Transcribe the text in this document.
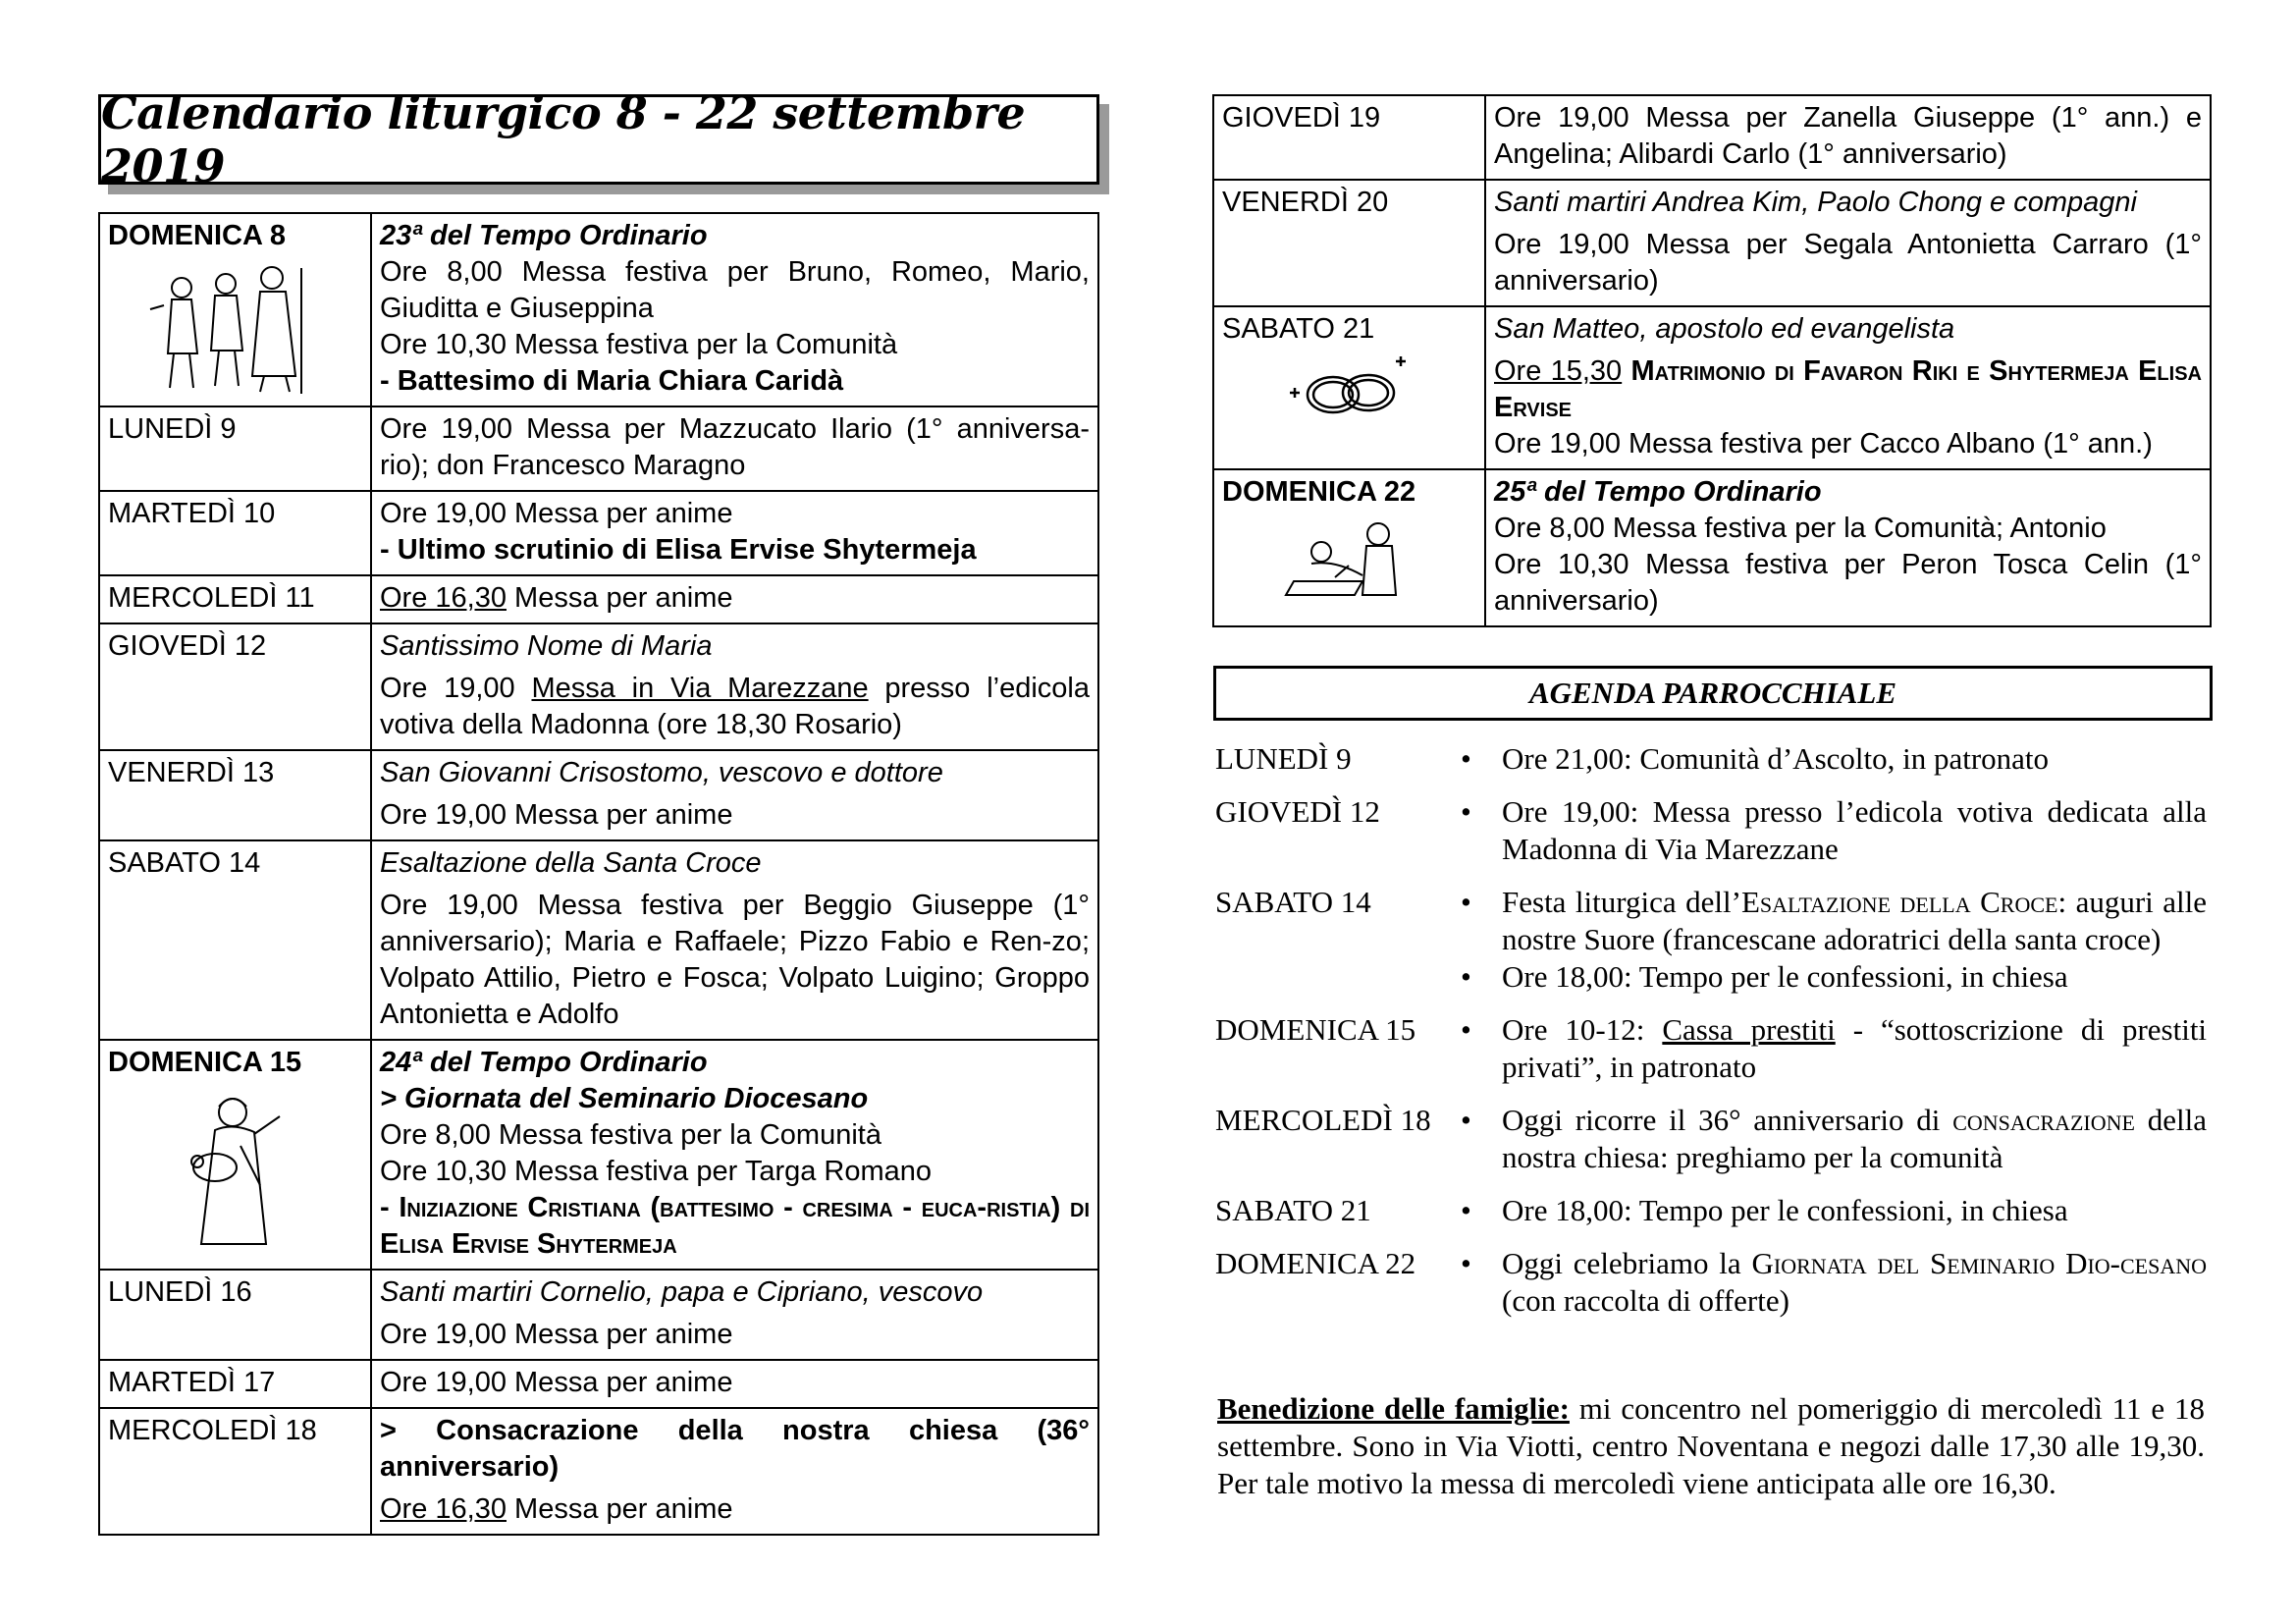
Calendario liturgico 8 - 22 settembre 2019
DOMENICA 8	23ª del Tempo Ordinario
Ore 8,00 Messa festiva per Bruno, Romeo, Mario, Giuditta e Giuseppina
Ore 10,30 Messa festiva per la Comunità
- Battesimo di Maria Chiara Caridà

LUNEDÌ 9	Ore 19,00 Messa per Mazzucato Ilario (1° anniversa-rio); don Francesco Maragno

MARTEDÌ 10	Ore 19,00 Messa per anime
- Ultimo scrutinio di Elisa Ervise Shytermeja

MERCOLEDÌ 11	Ore 16,30 Messa per anime
GIOVEDÌ 12	Santissimo Nome di Maria
Ore 19,00 Messa in Via Marezzane presso l’edicola votiva della Madonna (ore 18,30 Rosario)

VENERDÌ 13	San Giovanni Crisostomo, vescovo e dottore
Ore 19,00 Messa per anime

SABATO 14	Esaltazione della Santa Croce
Ore 19,00 Messa festiva per Beggio Giuseppe (1° anniversario); Maria e Raffaele; Pizzo Fabio e Ren-zo; Volpato Attilio, Pietro e Fosca; Volpato Luigino; Groppo Antonietta e Adolfo

DOMENICA 15	24ª del Tempo Ordinario
> Giornata del Seminario Diocesano
Ore 8,00 Messa festiva per la Comunità
Ore 10,30 Messa festiva per Targa Romano
- Iniziazione Cristiana (battesimo - cresima - euca-ristia) di Elisa Ervise Shytermeja

LUNEDÌ 16	Santi martiri Cornelio, papa e Cipriano, vescovo
Ore 19,00 Messa per anime

MARTEDÌ 17	Ore 19,00 Messa per anime

MERCOLEDÌ 18	> Consacrazione della nostra chiesa (36° anniversario)
Ore 16,30 Messa per anime
GIOVEDÌ 19	Ore 19,00 Messa per Zanella Giuseppe (1° ann.) e Angelina; Alibardi Carlo (1° anniversario)

VENERDÌ 20	Santi martiri Andrea Kim, Paolo Chong e compagni
Ore 19,00 Messa per Segala Antonietta Carraro (1° anniversario)

SABATO 21	San Matteo, apostolo ed evangelista
Ore 15,30 Matrimonio di Favaron Riki e Shytermeja Elisa Ervise
Ore 19,00 Messa festiva per Cacco Albano (1° ann.)

DOMENICA 22	25ª del Tempo Ordinario
Ore 8,00 Messa festiva per la Comunità; Antonio
Ore 10,30 Messa festiva per Peron Tosca Celin (1° anniversario)
AGENDA PARROCCHIALE
LUNEDÌ 9	• Ore 21,00: Comunità d’Ascolto, in patronato
GIOVEDÌ 12	• Ore 19,00: Messa presso l’edicola votiva dedicata alla Madonna di Via Marezzane
SABATO 14	• Festa liturgica dell’Esaltazione della Croce: auguri alle nostre Suore (francescane adoratrici della santa croce)
• Ore 18,00: Tempo per le confessioni, in chiesa
DOMENICA 15	• Ore 10-12: Cassa prestiti - “sottoscrizione di prestiti privati”, in patronato
MERCOLEDÌ 18	• Oggi ricorre il 36° anniversario di consacrazione della nostra chiesa: preghiamo per la comunità
SABATO 21	• Ore 18,00: Tempo per le confessioni, in chiesa
DOMENICA 22	• Oggi celebriamo la Giornata del Seminario Dio-cesano (con raccolta di offerte)
Benedizione delle famiglie: mi concentro nel pomeriggio di mercoledì 11 e 18 settembre. Sono in Via Viotti, centro Noventana e negozi dalle 17,30 alle 19,30. Per tale motivo la messa di mercoledì viene anticipata alle ore 16,30.
